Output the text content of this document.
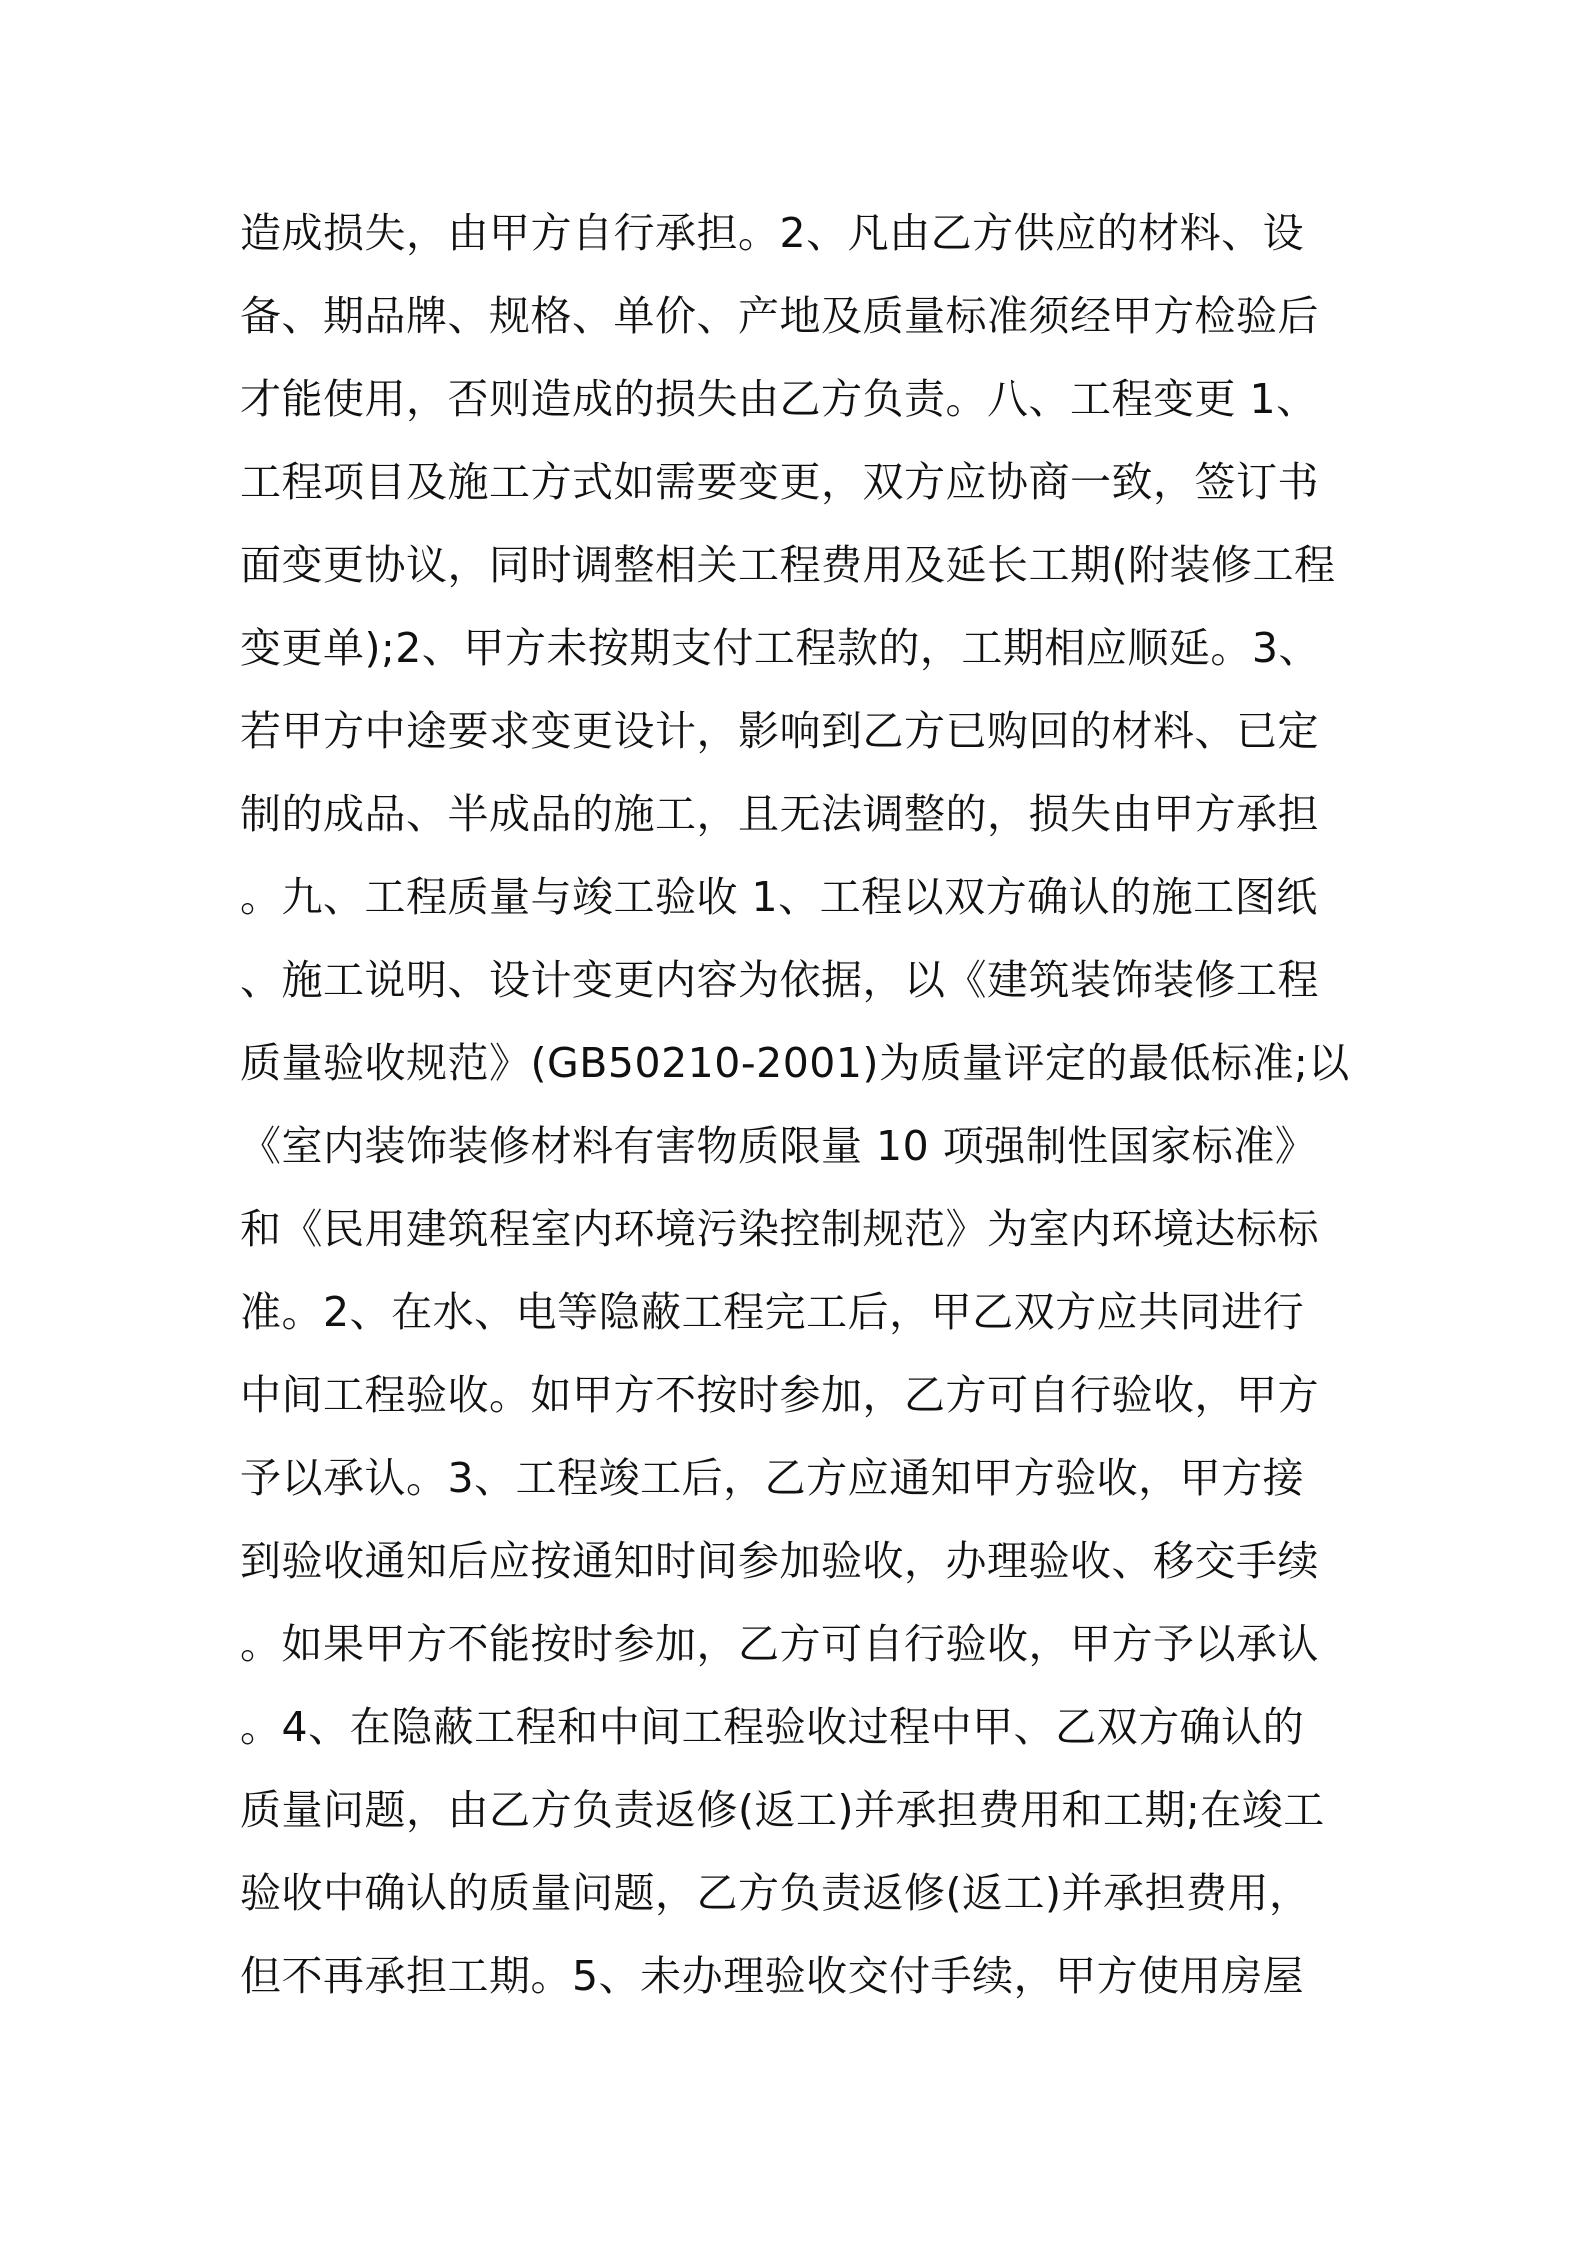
造成损失，由甲方自行承担。2、凡由乙方供应的材料、设
备、期品牌、规格、单价、产地及质量标准须经甲方检验后
才能使用，否则造成的损失由乙方负责。八、工程变更 1、
工程项目及施工方式如需要变更，双方应协商一致，签订书
面变更协议，同时调整相关工程费用及延长工期(附装修工程
变更单);2、甲方未按期支付工程款的，工期相应顺延。3、
若甲方中途要求变更设计，影响到乙方已购回的材料、已定
制的成品、半成品的施工，且无法调整的，损失由甲方承担
。九、工程质量与竣工验收 1、工程以双方确认的施工图纸
、施工说明、设计变更内容为依据，以《建筑装饰装修工程
质量验收规范》(GB50210-2001)为质量评定的最低标准;以
《室内装饰装修材料有害物质限量 10 项强制性国家标准》
和《民用建筑程室内环境污染控制规范》为室内环境达标标
准。2、在水、电等隐蔽工程完工后，甲乙双方应共同进行
中间工程验收。如甲方不按时参加，乙方可自行验收，甲方
予以承认。3、工程竣工后，乙方应通知甲方验收，甲方接
到验收通知后应按通知时间参加验收，办理验收、移交手续
。如果甲方不能按时参加，乙方可自行验收，甲方予以承认
。4、在隐蔽工程和中间工程验收过程中甲、乙双方确认的
质量问题，由乙方负责返修(返工)并承担费用和工期;在竣工
验收中确认的质量问题，乙方负责返修(返工)并承担费用，
但不再承担工期。5、未办理验收交付手续，甲方使用房屋
